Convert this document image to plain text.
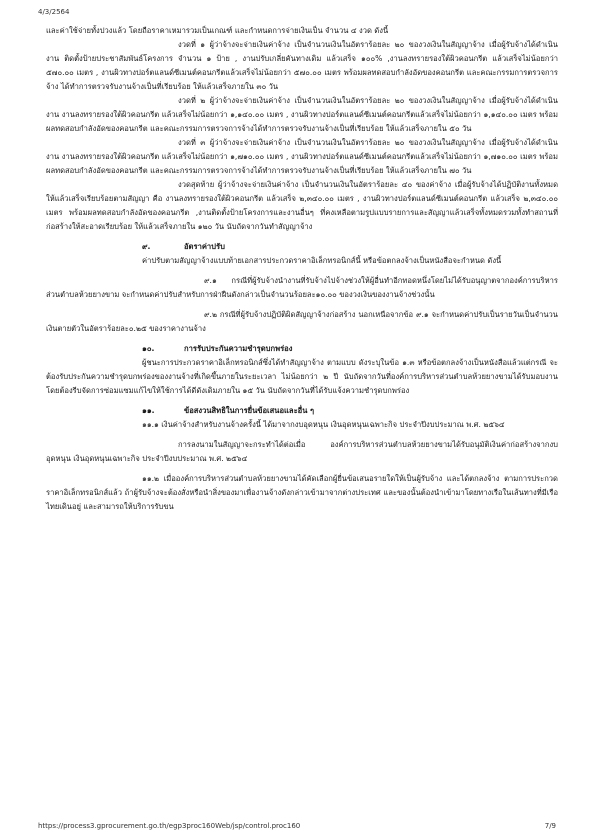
4/3/2564

และค่าใช้จ่ายทั้งปวงแล้ว โดยถือราคาเหมารวมเป็นเกณฑ์ และกำหนดการจ่ายเงินเป็น จำนวน ๔ งวด ดังนี้

งวดที่ ๑ ผู้ว่าจ้างจะจ่ายเงินค่าจ้าง เป็นจำนวนเงินในอัตราร้อยละ ๒๐ ของวงเงินในสัญญาจ้าง เมื่อผู้รับจ้างได้ดำเนินงาน ติดตั้งป้ายประชาสัมพันธ์โครงการ จำนวน ๑ ป้าย , งานปรับเกลี่ยคันทางเดิม แล้วเสร็จ ๑๐๐% ,งานลงทรายรองใต้ผิวคอนกรีต แล้วเสร็จไม่น้อยกว่า ๕๗๐.๐๐ เมตร , งานผิวทางปอร์ตแลนด์ซีเมนต์คอนกรีตแล้วเสร็จไม่น้อยกว่า ๕๗๐.๐๐ เมตร พร้อมผลทดสอบกำลังอัดของคอนกรีต และคณะกรรมการตรวจการจ้าง ได้ทำการตรวจรับงานจ้างเป็นที่เรียบร้อย ให้แล้วเสร็จภายใน ๓๐ วัน

งวดที่ ๒ ผู้ว่าจ้างจะจ่ายเงินค่าจ้าง เป็นจำนวนเงินในอัตราร้อยละ ๒๐ ของวงเงินในสัญญาจ้าง เมื่อผู้รับจ้างได้ดำเนินงาน งานลงทรายรองใต้ผิวคอนกรีต แล้วเสร็จไม่น้อยกว่า ๑,๑๔๐.๐๐ เมตร , งานผิวทางปอร์ตแลนด์ซีเมนต์คอนกรีตแล้วเสร็จไม่น้อยกว่า ๑,๑๔๐.๐๐ เมตร พร้อมผลทดสอบกำลังอัดของคอนกรีต และคณะกรรมการตรวจการจ้างได้ทำการตรวจรับงานจ้างเป็นที่เรียบร้อย ให้แล้วเสร็จภายใน ๕๐ วัน

งวดที่ ๓ ผู้ว่าจ้างจะจ่ายเงินค่าจ้าง เป็นจำนวนเงินในอัตราร้อยละ ๒๐ ของวงเงินในสัญญาจ้าง เมื่อผู้รับจ้างได้ดำเนินงาน งานลงทรายรองใต้ผิวคอนกรีต แล้วเสร็จไม่น้อยกว่า ๑,๗๑๐.๐๐ เมตร , งานผิวทางปอร์ตแลนด์ซีเมนต์คอนกรีตแล้วเสร็จไม่น้อยกว่า ๑,๗๑๐.๐๐ เมตร พร้อมผลทดสอบกำลังอัดของคอนกรีต และคณะกรรมการตรวจการจ้างได้ทำการตรวจรับงานจ้างเป็นที่เรียบร้อย ให้แล้วเสร็จภายใน ๗๐ วัน

งวดสุดท้าย ผู้ว่าจ้างจะจ่ายเงินค่าจ้าง เป็นจำนวนเงินในอัตราร้อยละ ๔๐ ของค่าจ้าง เมื่อผู้รับจ้างได้ปฏิบัติงานทั้งหมด ให้แล้วเสร็จเรียบร้อยตามสัญญา คือ งานลงทรายรองใต้ผิวคอนกรีต แล้วเสร็จ ๒,๓๔๐.๐๐ เมตร , งานผิวทางปอร์ตแลนด์ซีเมนต์คอนกรีต แล้วเสร็จ ๒,๓๔๐.๐๐ เมตร พร้อมผลทดสอบกำลังอัดของคอนกรีต ,งานติดตั้งป้ายโครงการและงานอื่นๆ ที่คงเหลือตามรูปแบบรายการและสัญญาแล้วเสร็จทั้งหมดรวมทั้งทำสถานที่ก่อสร้างให้สะอาดเรียบร้อย ให้แล้วเสร็จภายใน ๑๒๐ วัน นับถัดจากวันทำสัญญาจ้าง

๙.	อัตราค่าปรับ

ค่าปรับตามสัญญาจ้างแบบท้ายเอกสารประกวดราคาอิเล็กทรอนิกส์นี้ หรือข้อตกลงจ้างเป็นหนังสือจะกำหนด ดังนี้

๙.๑ กรณีที่ผู้รับจ้างนำงานที่รับจ้างไปจ้างช่วงให้ผู้อื่นทำอีกทอดหนึ่งโดยไม่ได้รับอนุญาตจากองค์การบริหารส่วนตำบลห้วยยางขาม จะกำหนดค่าปรับสำหรับการฝ่าฝืนดังกล่าวเป็นจำนวนร้อยละ๑๐.๐๐ ของวงเงินของงานจ้างช่วงนั้น

๙.๒ กรณีที่ผู้รับจ้างปฏิบัติผิดสัญญาจ้างก่อสร้าง นอกเหนือจากข้อ ๙.๑ จะกำหนดค่าปรับเป็นรายวันเป็นจำนวนเงินตายตัวในอัตราร้อยละ๐.๒๕ ของราคางานจ้าง

๑๐.	การรับประกันความชำรุดบกพร่อง

ผู้ชนะการประกวดราคาอิเล็กทรอนิกส์ซึ่งได้ทำสัญญาจ้าง ตามแบบ ดังระบุในข้อ ๑.๓ หรือข้อตกลงจ้างเป็นหนังสือแล้วแต่กรณี จะต้องรับประกันความชำรุดบกพร่องของงานจ้างที่เกิดขึ้นภายในระยะเวลา ไม่น้อยกว่า ๒ ปี นับถัดจากวันที่องค์การบริหารส่วนตำบลห้วยยางขามได้รับมอบงาน โดยต้องรีบจัดการซ่อมแซมแก้ไขให้ใช้การได้ดีดังเดิมภายใน ๑๕ วัน นับถัดจากวันที่ได้รับแจ้งความชำรุดบกพร่อง

๑๑.	ข้อสงวนสิทธิในการยื่นข้อเสนอและอื่น ๆ

๑๑.๑ เงินค่าจ้างสำหรับงานจ้างครั้งนี้ ได้มาจากงบอุดหนุน เงินอุดหนุนเฉพาะกิจ ประจำปีงบประมาณ พ.ศ. ๒๕๖๔

การลงนามในสัญญาจะกระทำได้ต่อเมื่อ องค์การบริหารส่วนตำบลห้วยยางขามได้รับอนุมัติเงินค่าก่อสร้างจากงบอุดหนุน เงินอุดหนุนเฉพาะกิจ ประจำปีงบประมาณ พ.ศ. ๒๕๖๔

๑๑.๒ เมื่อองค์การบริหารส่วนตำบลห้วยยางขามได้คัดเลือกผู้ยื่นข้อเสนอรายใดให้เป็นผู้รับจ้าง และได้ตกลงจ้าง ตามการประกวดราคาอิเล็กทรอนิกส์แล้ว ถ้าผู้รับจ้างจะต้องสั่งหรือนำสิ่งของมาเพื่องานจ้างดังกล่าวเข้ามาจากต่างประเทศ และของนั้นต้องนำเข้ามาโดยทางเรือในเส้นทางที่มีเรือไทยเดินอยู่ และสามารถให้บริการรับขน

https://process3.gprocurement.go.th/egp3proc160Web/jsp/control.proc160	7/9
